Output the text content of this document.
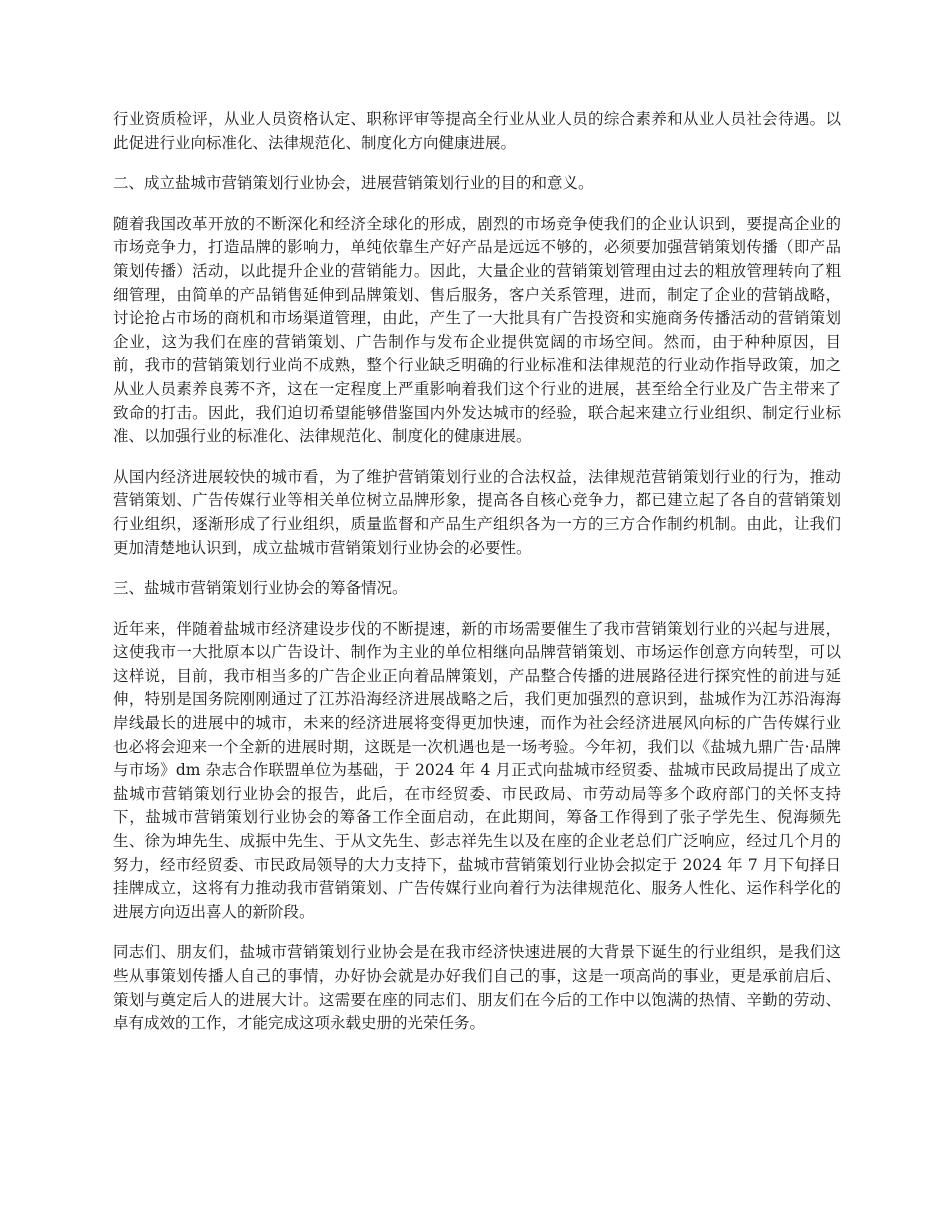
行业资质检评，从业人员资格认定、职称评审等提高全行业从业人员的综合素养和从业人员社会待遇。以此促进行业向标准化、法律规范化、制度化方向健康进展。

二、成立盐城市营销策划行业协会，进展营销策划行业的目的和意义。

随着我国改革开放的不断深化和经济全球化的形成，剧烈的市场竞争使我们的企业认识到，要提高企业的市场竞争力，打造品牌的影响力，单纯依靠生产好产品是远远不够的，必须要加强营销策划传播（即产品策划传播）活动，以此提升企业的营销能力。因此，大量企业的营销策划管理由过去的粗放管理转向了粗细管理，由简单的产品销售延伸到品牌策划、售后服务，客户关系管理，进而，制定了企业的营销战略，讨论抢占市场的商机和市场渠道管理，由此，产生了一大批具有广告投资和实施商务传播活动的营销策划企业，这为我们在座的营销策划、广告制作与发布企业提供宽阔的市场空间。然而，由于种种原因，目前，我市的营销策划行业尚不成熟，整个行业缺乏明确的行业标准和法律规范的行业动作指导政策，加之从业人员素养良莠不齐，这在一定程度上严重影响着我们这个行业的进展，甚至给全行业及广告主带来了致命的打击。因此，我们迫切希望能够借鉴国内外发达城市的经验，联合起来建立行业组织、制定行业标准、以加强行业的标准化、法律规范化、制度化的健康进展。

从国内经济进展较快的城市看，为了维护营销策划行业的合法权益，法律规范营销策划行业的行为，推动营销策划、广告传媒行业等相关单位树立品牌形象，提高各自核心竞争力，都已建立起了各自的营销策划行业组织，逐渐形成了行业组织，质量监督和产品生产组织各为一方的三方合作制约机制。由此，让我们更加清楚地认识到，成立盐城市营销策划行业协会的必要性。

三、盐城市营销策划行业协会的筹备情况。

近年来，伴随着盐城市经济建设步伐的不断提速，新的市场需要催生了我市营销策划行业的兴起与进展，这使我市一大批原本以广告设计、制作为主业的单位相继向品牌营销策划、市场运作创意方向转型，可以这样说，目前，我市相当多的广告企业正向着品牌策划，产品整合传播的进展路径进行探究性的前进与延伸，特别是国务院刚刚通过了江苏沿海经济进展战略之后，我们更加强烈的意识到，盐城作为江苏沿海海岸线最长的进展中的城市，未来的经济进展将变得更加快速，而作为社会经济进展风向标的广告传媒行业也必将会迎来一个全新的进展时期，这既是一次机遇也是一场考验。今年初，我们以《盐城九鼎广告·品牌与市场》dm 杂志合作联盟单位为基础，于 2024 年 4 月正式向盐城市经贸委、盐城市民政局提出了成立盐城市营销策划行业协会的报告，此后，在市经贸委、市民政局、市劳动局等多个政府部门的关怀支持下，盐城市营销策划行业协会的筹备工作全面启动，在此期间，筹备工作得到了张子学先生、倪海频先生、徐为坤先生、成振中先生、于从文先生、彭志祥先生以及在座的企业老总们广泛响应，经过几个月的努力，经市经贸委、市民政局领导的大力支持下，盐城市营销策划行业协会拟定于 2024 年 7 月下旬择日挂牌成立，这将有力推动我市营销策划、广告传媒行业向着行为法律规范化、服务人性化、运作科学化的进展方向迈出喜人的新阶段。

同志们、朋友们，盐城市营销策划行业协会是在我市经济快速进展的大背景下诞生的行业组织，是我们这些从事策划传播人自己的事情，办好协会就是办好我们自己的事，这是一项高尚的事业，更是承前启后、策划与奠定后人的进展大计。这需要在座的同志们、朋友们在今后的工作中以饱满的热情、辛勤的劳动、卓有成效的工作，才能完成这项永载史册的光荣任务。
